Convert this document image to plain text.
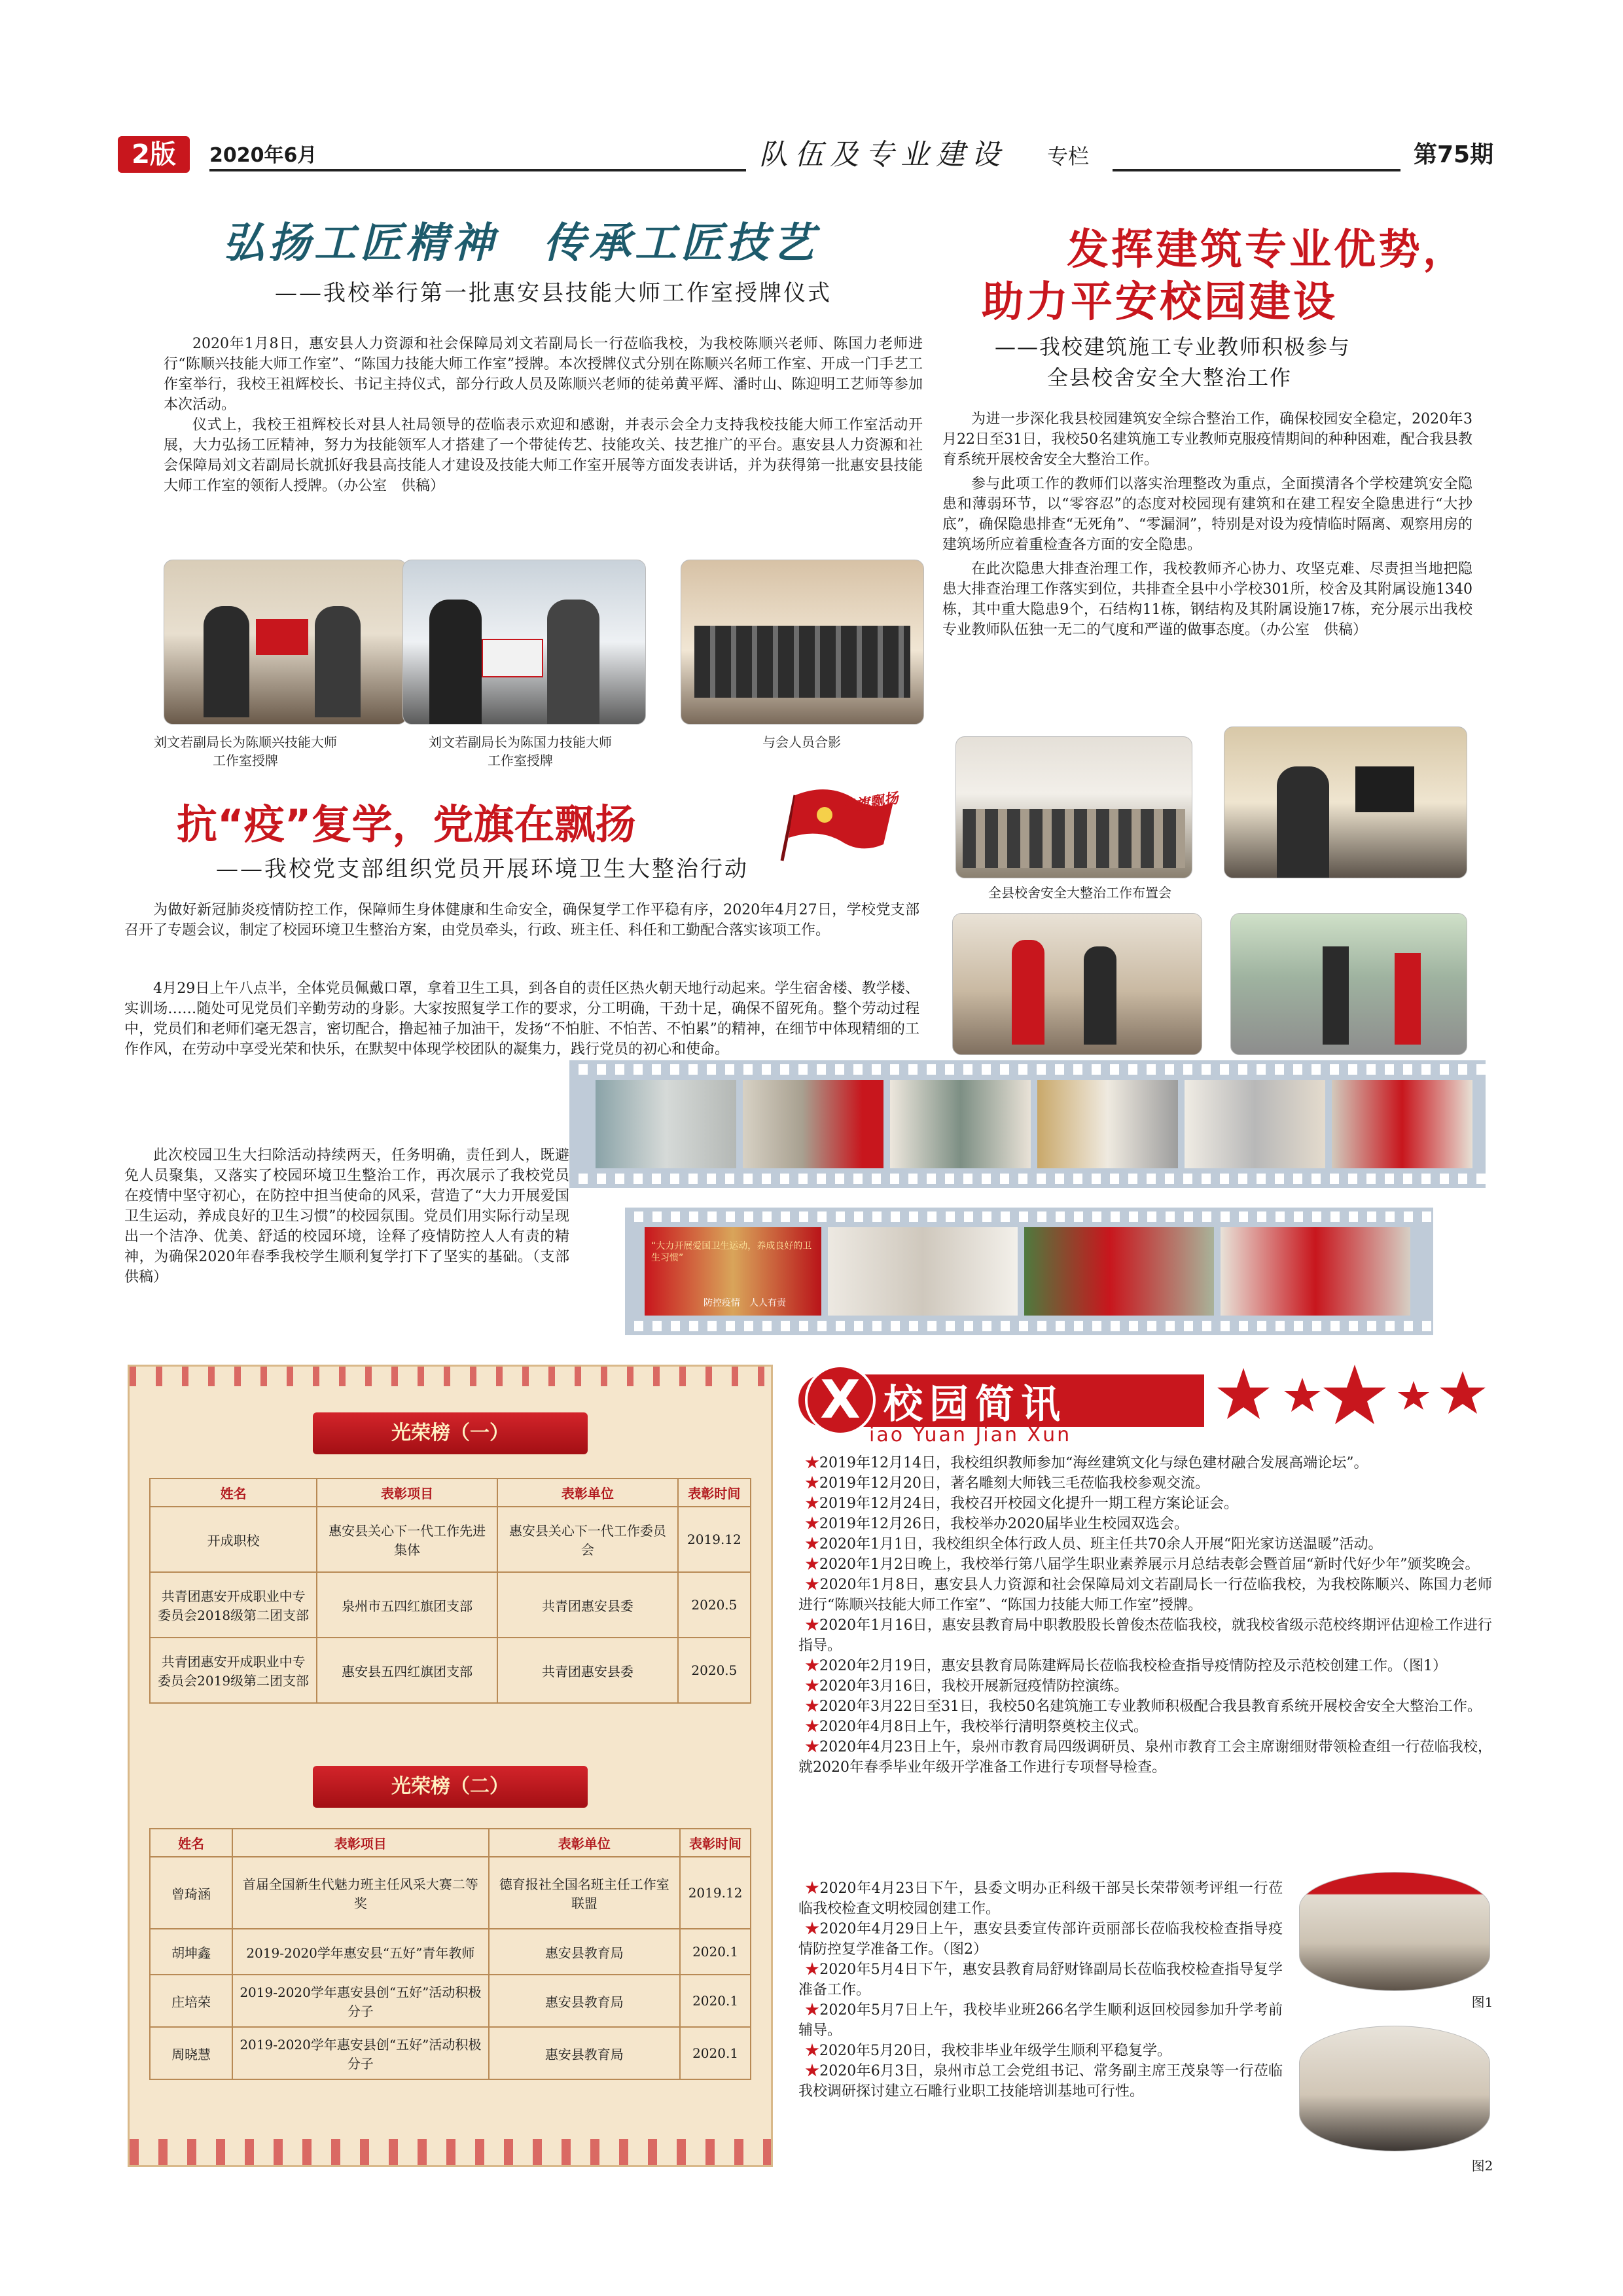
2版	2020年6月	队伍及专业建设 专栏	第75期
弘扬工匠精神　传承工匠技艺
——我校举行第一批惠安县技能大师工作室授牌仪式

2020年1月8日，惠安县人力资源和社会保障局刘文若副局长一行莅临我校，为我校陈顺兴老师、陈国力老师进行“陈顺兴技能大师工作室”、“陈国力技能大师工作室”授牌。本次授牌仪式分别在陈顺兴名师工作室、开成一门手艺工作室举行，我校王祖辉校长、书记主持仪式，部分行政人员及陈顺兴老师的徒弟黄平辉、潘时山、陈迎明工艺师等参加本次活动。

仪式上，我校王祖辉校长对县人社局领导的莅临表示欢迎和感谢，并表示会全力支持我校技能大师工作室活动开展，大力弘扬工匠精神，努力为技能领军人才搭建了一个带徒传艺、技能攻关、技艺推广的平台。惠安县人力资源和社会保障局刘文若副局长就抓好我县高技能人才建设及技能大师工作室开展等方面发表讲话，并为获得第一批惠安县技能大师工作室的领衔人授牌。（办公室　供稿）

刘文若副局长为陈顺兴技能大师工作室授牌
刘文若副局长为陈国力技能大师工作室授牌
与会人员合影
发挥建筑专业优势，
助力平安校园建设
——我校建筑施工专业教师积极参与
全县校舍安全大整治工作

为进一步深化我县校园建筑安全综合整治工作，确保校园安全稳定，2020年3月22日至31日，我校50名建筑施工专业教师克服疫情期间的种种困难，配合我县教育系统开展校舍安全大整治工作。

参与此项工作的教师们以落实治理整改为重点，全面摸清各个学校建筑安全隐患和薄弱环节，以“零容忍”的态度对校园现有建筑和在建工程安全隐患进行“大抄底”，确保隐患排查“无死角”、“零漏洞”，特别是对设为疫情临时隔离、观察用房的建筑场所应着重检查各方面的安全隐患。

在此次隐患大排查治理工作，我校教师齐心协力、攻坚克难、尽责担当地把隐患大排查治理工作落实到位，共排查全县中小学校301所，校舍及其附属设施1340栋，其中重大隐患9个，石结构11栋，钢结构及其附属设施17栋，充分展示出我校专业教师队伍独一无二的气度和严谨的做事态度。（办公室　供稿）

全县校舍安全大整治工作布置会
抗“疫”复学，党旗在飘扬	党旗飘扬
——我校党支部组织党员开展环境卫生大整治行动

为做好新冠肺炎疫情防控工作，保障师生身体健康和生命安全，确保复学工作平稳有序，2020年4月27日，学校党支部召开了专题会议，制定了校园环境卫生整治方案，由党员牵头，行政、班主任、科任和工勤配合落实该项工作。

4月29日上午八点半，全体党员佩戴口罩，拿着卫生工具，到各自的责任区热火朝天地行动起来。学生宿舍楼、教学楼、实训场……随处可见党员们辛勤劳动的身影。大家按照复学工作的要求，分工明确，干劲十足，确保不留死角。整个劳动过程中，党员们和老师们毫无怨言，密切配合，撸起袖子加油干，发扬“不怕脏、不怕苦、不怕累”的精神，在细节中体现精细的工作作风，在劳动中享受光荣和快乐，在默契中体现学校团队的凝集力，践行党员的初心和使命。

此次校园卫生大扫除活动持续两天，任务明确，责任到人，既避免人员聚集，又落实了校园环境卫生整治工作，再次展示了我校党员在疫情中坚守初心，在防控中担当使命的风采，营造了“大力开展爱国卫生运动，养成良好的卫生习惯”的校园氛围。党员们用实际行动呈现出一个洁净、优美、舒适的校园环境，诠释了疫情防控人人有责的精神，为确保2020年春季我校学生顺利复学打下了坚实的基础。（支部　供稿）

“大力开展爱国卫生运动，养成良好的卫生习惯”
防控疫情　人人有责
光荣榜（一）
姓名	表彰项目	表彰单位	表彰时间
开成职校	惠安县关心下一代工作先进集体	惠安县关心下一代工作委员会	2019.12
共青团惠安开成职业中专委员会2018级第二团支部	泉州市五四红旗团支部	共青团惠安县委	2020.5
共青团惠安开成职业中专委员会2019级第二团支部	惠安县五四红旗团支部	共青团惠安县委	2020.5
光荣榜（二）
姓名	表彰项目	表彰单位	表彰时间
曾琦涵	首届全国新生代魅力班主任风采大赛二等奖	德育报社全国名班主任工作室联盟	2019.12
胡坤鑫	2019-2020学年惠安县“五好”青年教师	惠安县教育局	2020.1
庄培荣	2019-2020学年惠安县创“五好”活动积极分子	惠安县教育局	2020.1
周晓慧	2019-2020学年惠安县创“五好”活动积极分子	惠安县教育局	2020.1
X 校园简讯
iao Yuan Jian Xun

★2019年12月14日，我校组织教师参加“海丝建筑文化与绿色建材融合发展高端论坛”。

★2019年12月20日，著名雕刻大师钱三毛莅临我校参观交流。

★2019年12月24日，我校召开校园文化提升一期工程方案论证会。

★2019年12月26日，我校举办2020届毕业生校园双选会。

★2020年1月1日，我校组织全体行政人员、班主任共70余人开展“阳光家访送温暖”活动。

★2020年1月2日晚上，我校举行第八届学生职业素养展示月总结表彰会暨首届“新时代好少年”颁奖晚会。

★2020年1月8日，惠安县人力资源和社会保障局刘文若副局长一行莅临我校，为我校陈顺兴、陈国力老师进行“陈顺兴技能大师工作室”、“陈国力技能大师工作室”授牌。

★2020年1月16日，惠安县教育局中职教股股长曾俊杰莅临我校，就我校省级示范校终期评估迎检工作进行指导。

★2020年2月19日，惠安县教育局陈建辉局长莅临我校检查指导疫情防控及示范校创建工作。（图1）

★2020年3月16日，我校开展新冠疫情防控演练。

★2020年3月22日至31日，我校50名建筑施工专业教师积极配合我县教育系统开展校舍安全大整治工作。

★2020年4月8日上午，我校举行清明祭奠校主仪式。

★2020年4月23日上午，泉州市教育局四级调研员、泉州市教育工会主席谢细财带领检查组一行莅临我校，就2020年春季毕业年级开学准备工作进行专项督导检查。

★2020年4月23日下午，县委文明办正科级干部吴长荣带领考评组一行莅临我校检查文明校园创建工作。

★2020年4月29日上午，惠安县委宣传部许贡丽部长莅临我校检查指导疫情防控复学准备工作。（图2）

★2020年5月4日下午，惠安县教育局舒财锋副局长莅临我校检查指导复学准备工作。

★2020年5月7日上午，我校毕业班266名学生顺利返回校园参加升学考前辅导。

★2020年5月20日，我校非毕业年级学生顺利平稳复学。

★2020年6月3日，泉州市总工会党组书记、常务副主席王茂泉等一行莅临我校调研探讨建立石雕行业职工技能培训基地可行性。

图1
图2
